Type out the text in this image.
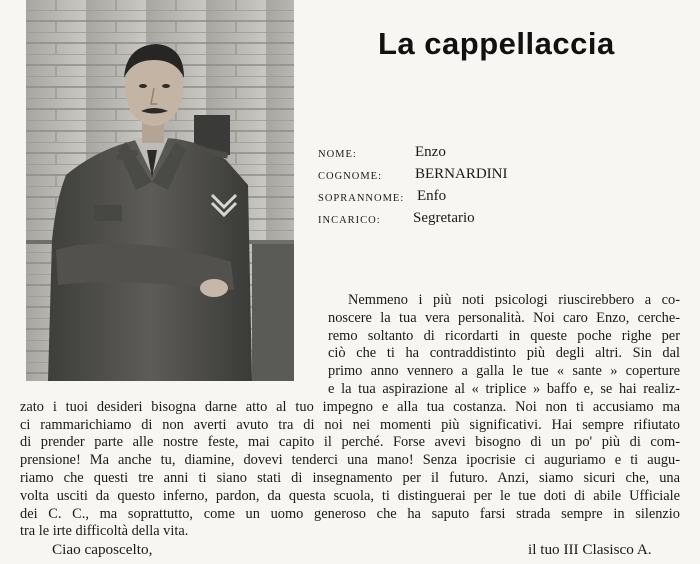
La cappellaccia
NOME:	Enzo
COGNOME: BERNARDINI
SOPRANNOME: Enfo
INCARICO: Segretario
Nemmeno i più noti psicologi riuscirebbero a co-
noscere la tua vera personalità. Noi caro Enzo, cerche-
remo soltanto di ricordarti in queste poche righe per
ciò che ti ha contraddistinto più degli altri. Sin dal
primo anno vennero a galla le tue « sante » coperture
e la tua aspirazione al « triplice » baffo e, se hai realiz-
zato i tuoi desideri bisogna darne atto al tuo impegno e alla tua costanza. Noi non ti accusiamo ma
ci rammarichiamo di non averti avuto tra di noi nei momenti più significativi. Hai sempre rifiutato
di prender parte alle nostre feste, mai capito il perché. Forse avevi bisogno di un po' più di com-
prensione! Ma anche tu, diamine, dovevi tenderci una mano! Senza ipocrisie ci auguriamo e ti augu-
riamo che questi tre anni ti siano stati di insegnamento per il futuro. Anzi, siamo sicuri che, una
volta usciti da questo inferno, pardon, da questa scuola, ti distinguerai per le tue doti di abile Ufficiale
dei C. C., ma soprattutto, come un uomo generoso che ha saputo farsi strada sempre in silenzio
tra le irte difficoltà della vita.
Ciao caposcelto,	il tuo III Clasisco A.
